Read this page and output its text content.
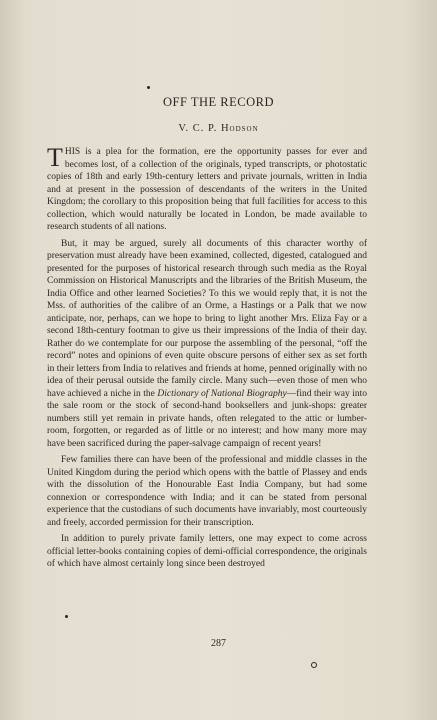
OFF THE RECORD
V. C. P. Hodson

THIS is a plea for the formation, ere the opportunity passes for ever and becomes lost, of a collection of the originals, typed transcripts, or photostatic copies of 18th and early 19th-century letters and private journals, written in India and at present in the possession of descendants of the writers in the United Kingdom; the corollary to this proposition being that full facilities for access to this collection, which would naturally be located in London, be made available to research students of all nations.

But, it may be argued, surely all documents of this character worthy of preservation must already have been examined, collected, digested, catalogued and presented for the purposes of historical research through such media as the Royal Commission on Historical Manuscripts and the libraries of the British Museum, the India Office and other learned Societies? To this we would reply that, it is not the Mss. of authorities of the calibre of an Orme, a Hastings or a Palk that we now anticipate, nor, perhaps, can we hope to bring to light another Mrs. Eliza Fay or a second 18th-century footman to give us their impressions of the India of their day. Rather do we contemplate for our purpose the assembling of the personal, “off the record” notes and opinions of even quite obscure persons of either sex as set forth in their letters from India to relatives and friends at home, penned originally with no idea of their perusal outside the family circle. Many such—even those of men who have achieved a niche in the Dictionary of National Biography—find their way into the sale room or the stock of second-hand booksellers and junk-shops: greater numbers still yet remain in private hands, often relegated to the attic or lumber-room, forgotten, or regarded as of little or no interest; and how many more may have been sacrificed during the paper-salvage campaign of recent years!

Few families there can have been of the professional and middle classes in the United Kingdom during the period which opens with the battle of Plassey and ends with the dissolution of the Honourable East India Company, but had some connexion or correspondence with India; and it can be stated from personal experience that the custodians of such documents have invariably, most courteously and freely, accorded permission for their transcription.

In addition to purely private family letters, one may expect to come across official letter-books containing copies of demi-official correspondence, the originals of which have almost certainly long since been destroyed

287
